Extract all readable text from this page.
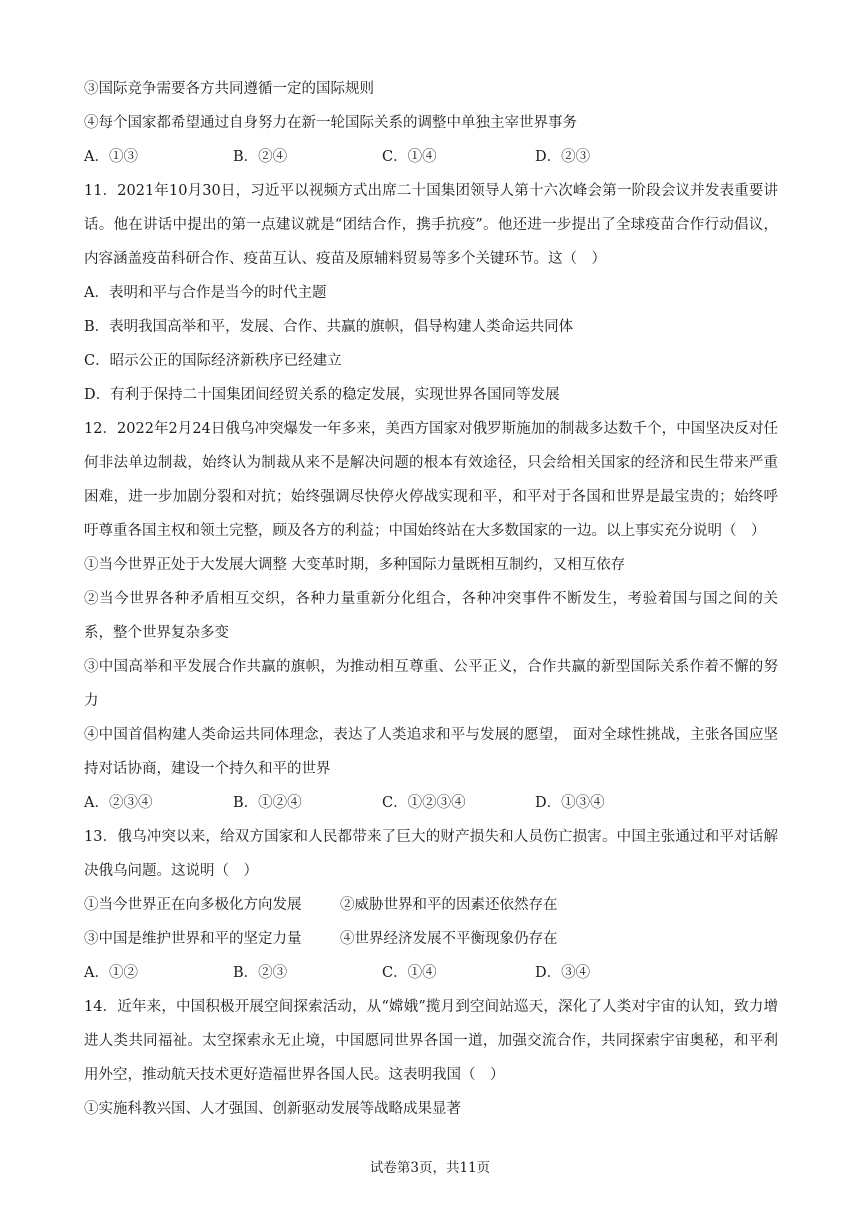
③国际竞争需要各方共同遵循一定的国际规则
④每个国家都希望通过自身努力在新一轮国际关系的调整中单独主宰世界事务
A．①③	B．②④	C．①④	D．②③
11．2021年10月30日，习近平以视频方式出席二十国集团领导人第十六次峰会第一阶段会议并发表重要讲话。他在讲话中提出的第一点建议就是“团结合作，携手抗疫”。他还进一步提出了全球疫苗合作行动倡议，内容涵盖疫苗科研合作、疫苗互认、疫苗及原辅料贸易等多个关键环节。这（　）
A．表明和平与合作是当今的时代主题
B．表明我国高举和平，发展、合作、共赢的旗帜，倡导构建人类命运共同体
C．昭示公正的国际经济新秩序已经建立
D．有利于保持二十国集团间经贸关系的稳定发展，实现世界各国同等发展
12．2022年2月24日俄乌冲突爆发一年多来，美西方国家对俄罗斯施加的制裁多达数千个，中国坚决反对任何非法单边制裁，始终认为制裁从来不是解决问题的根本有效途径，只会给相关国家的经济和民生带来严重困难，进一步加剧分裂和对抗；始终强调尽快停火停战实现和平，和平对于各国和世界是最宝贵的；始终呼吁尊重各国主权和领土完整，顾及各方的利益；中国始终站在大多数国家的一边。以上事实充分说明（　）
①当今世界正处于大发展大调整 大变革时期，多种国际力量既相互制约，又相互依存
②当今世界各种矛盾相互交织，各种力量重新分化组合，各种冲突事件不断发生，考验着国与国之间的关系，整个世界复杂多变
③中国高举和平发展合作共赢的旗帜，为推动相互尊重、公平正义，合作共赢的新型国际关系作着不懈的努力
④中国首倡构建人类命运共同体理念，表达了人类追求和平与发展的愿望， 面对全球性挑战，主张各国应坚持对话协商，建设一个持久和平的世界
A．②③④	B．①②④	C．①②③④	D．①③④
13．俄乌冲突以来，给双方国家和人民都带来了巨大的财产损失和人员伤亡损害。中国主张通过和平对话解决俄乌问题。这说明（　）
①当今世界正在向多极化方向发展	②威胁世界和平的因素还依然存在
③中国是维护世界和平的坚定力量	④世界经济发展不平衡现象仍存在
A．①②	B．②③	C．①④	D．③④
14．近年来，中国积极开展空间探索活动，从“嫦娥”揽月到空间站巡天，深化了人类对宇宙的认知，致力增进人类共同福祉。太空探索永无止境，中国愿同世界各国一道，加强交流合作，共同探索宇宙奥秘，和平利用外空，推动航天技术更好造福世界各国人民。这表明我国（　）
①实施科教兴国、人才强国、创新驱动发展等战略成果显著
试卷第3页，共11页
